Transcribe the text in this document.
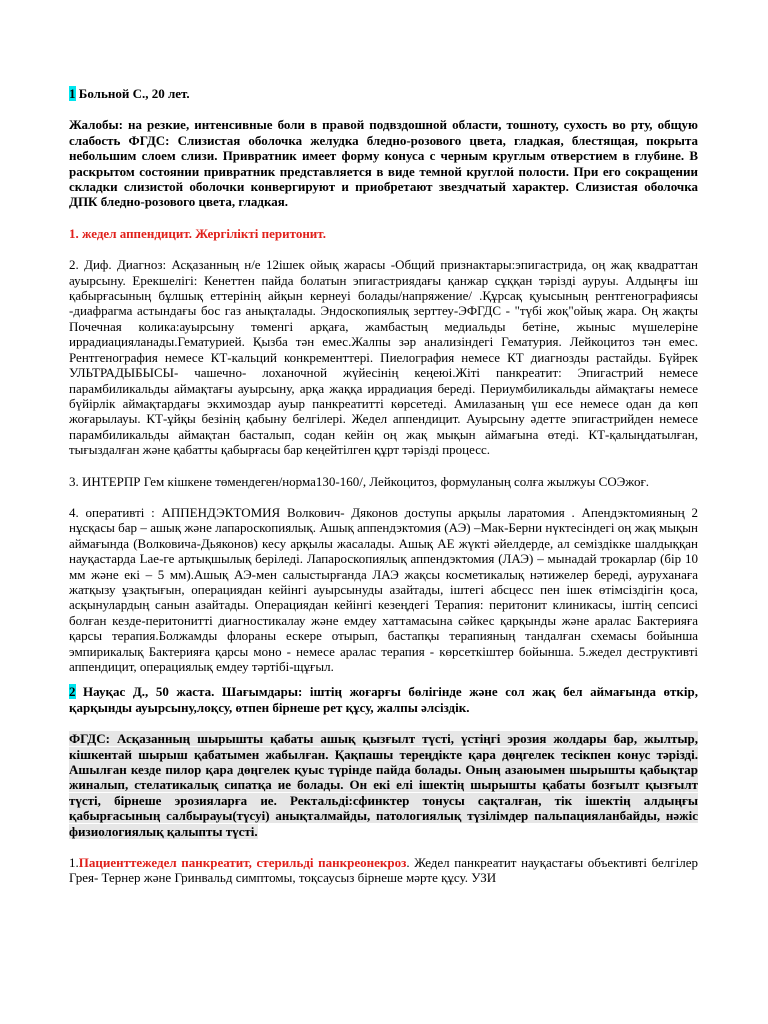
1 Больной С., 20 лет.

Жалобы: на резкие, интенсивные боли в правой подвздошной области, тошноту, сухость во рту, общую слабость ФГДС: Слизистая оболочка желудка бледно-розового цвета, гладкая, блестящая, покрыта небольшим слоем слизи. Привратник имеет форму конуса с черным круглым отверстием в глубине. В раскрытом состоянии привратник представляется в виде темной круглой полости. При его сокращении складки слизистой оболочки конвергируют и приобретают звездчатый характер. Слизистая оболочка ДПК бледно-розового цвета, гладкая.

1. жедел аппендицит. Жергілікті перитонит.

2. Диф. Диагноз: Асқазанның н/е 12ішек ойық жарасы -Общий признактары:эпигастрида, оң жақ квадраттан ауырсыну. Ерекшелігі: Кенеттен пайда болатын эпигастриядағы қанжар сұққан тәрізді ауруы. Алдыңғы іш қабырғасының бұлшық еттерінің айқын кернеуі болады/напряжение/ .Құрсақ қуысының рентгенографиясы -диафрагма астындағы бос газ анықталады. Эндоскопиялық зерттеу-ЭФГДС - "түбі жоқ"ойық жара. Оң жақты Почечная колика:ауырсыну төменгі арқаға, жамбастың медиальды бетіне, жыныс мүшелеріне иррадиацияланады.Гематурией. Қызба тән емес.Жалпы зәр анализіндегі Гематурия. Лейкоцитоз тән емес. Рентгенография немесе КТ-кальций конкременттері. Пиелография немесе КТ диагнозды растайды. Бүйрек УЛЬТРАДЫБЫСЫ- чашечно- лоханочной жүйесінің кеңеюі.Жіті панкреатит: Эпигастрий немесе парамбиликальды аймақтағы ауырсыну, арқа жаққа иррадиация береді. Периумбиликальды аймақтағы немесе бүйірлік аймақтардағы экхимоздар ауыр панкреатитті көрсетеді. Амилазаның үш есе немесе одан да көп жоғарылауы. КТ-ұйқы безінің қабыну белгілері. Жедел аппендицит. Ауырсыну әдетте эпигастрийден немесе парамбиликальды аймақтан басталып, содан кейін оң жақ мықын аймағына өтеді. КТ-қалыңдатылған, тығыздалған және қабатты қабырғасы бар кеңейтілген құрт тәрізді процесс.

3. ИНТЕРПР Гем кішкене төмендеген/норма130-160/, Лейкоцитоз, формуланың солға жылжуы СОЭжоғ.

4. оперативті : АППЕНДЭКТОМИЯ Волкович- Дяконов доступы арқылы ларатомия . Апендэктомияның 2 нұсқасы бар – ашық және лапароскопиялық. Ашық аппендэктомия (АЭ) –Мак-Берни нүктесіндегі оң жақ мықын аймағында (Волковича-Дьяконов) кесу арқылы жасалады. Ашық АЕ жүкті әйелдерде, ал семіздікке шалдыққан науқастарда Lae-ге артықшылық беріледі. Лапароскопиялық аппендэктомия (ЛАЭ) – мынадай трокарлар (бір 10 мм және екі – 5 мм).Ашық АЭ-мен салыстырғанда ЛАЭ жақсы косметикалық нәтижелер береді, ауруханаға жатқызу ұзақтығын, операциядан кейінгі ауырсынуды азайтады, іштегі абсцесс пен ішек өтімсіздігін қоса, асқынулардың санын азайтады. Операциядан кейінгі кезеңдегі Терапия: перитонит клиникасы, іштің сепсисі болған кезде-перитонитті диагностикалау және емдеу хаттамасына сәйкес қарқынды және аралас Бактерияға қарсы терапия.Болжамды флораны ескере отырып, бастапқы терапияның тандалған схемасы бойынша эмпирикалық Бактерияға қарсы моно - немесе аралас терапия - көрсеткіштер бойынша. 5.жедел деструктивті аппендицит, операциялық емдеу тәртібі-щұғыл.

2 Науқас Д., 50 жаста. Шағымдары: іштің жоғарғы бөлігінде және сол жақ бел аймағында өткір, қарқынды ауырсыну,лоқсу, өтпен бірнеше рет құсу, жалпы әлсіздік.

ФГДС: Асқазанның шырышты қабаты ашық қызғылт түсті, үстіңгі эрозия жолдары бар, жылтыр, кішкентай шырыш қабатымен жабылған. Қақпашы тереңдікте қара дөңгелек тесікпен конус тәрізді. Ашылған кезде пилор қара дөңгелек қуыс түрінде пайда болады. Оның азаюымен шырышты қабықтар жиналып, стелатикалық сипатқа ие болады. Он екі елі ішектің шырышты қабаты бозғылт қызғылт түсті, бірнеше эрозияларға ие. Ректальді:сфинктер тонусы сақталған, тік ішектің алдыңғы қабырғасының салбырауы(түсуі) анықталмайды, патологиялық түзілімдер пальпацияланбайды, нәжіс физиологиялық қалыпты түсті.

1.Пациенттежедел панкреатит, стерильді панкреонекроз. Жедел панкреатит науқастағы объективті белгілер Грея- Тернер және Гринвальд симптомы, тоқсаусыз бірнеше мәрте құсу. УЗИ
